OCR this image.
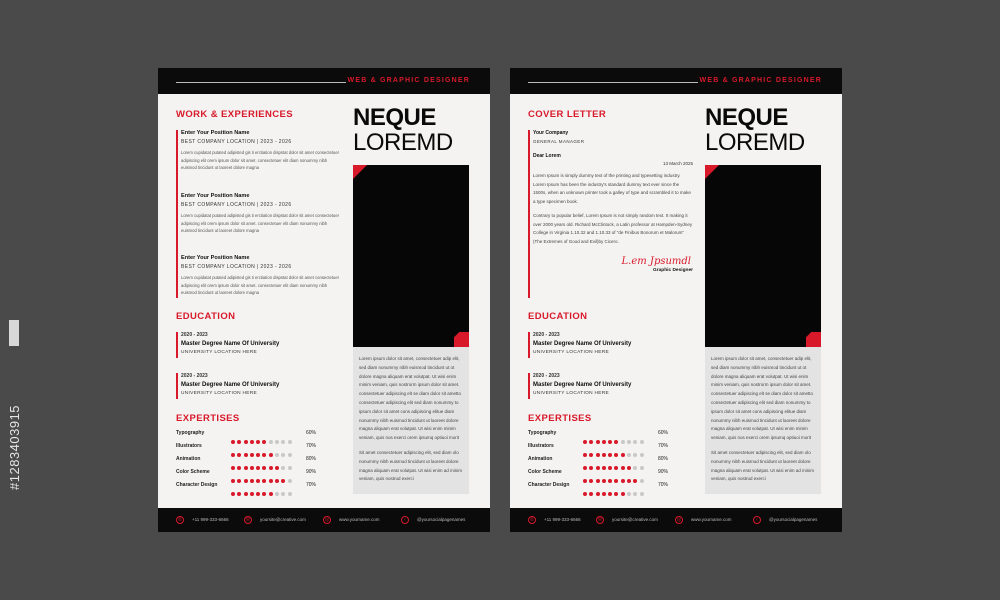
#1283403915
WEB & GRAPHIC DESIGNER
WORK & EXPERIENCES
Enter Your Position Name
BEST COMPANY LOCATION | 2023 - 2026
Lorem cupidatat putated adipisted gis ti erctiation dispstat dolor sit amet consectetuer adipiscing elit orem ipsum dolor sit amet. consectetuer elit diam nonummy nibh euismod tincidunt ut laoreet dolore magna
Enter Your Position Name
BEST COMPANY LOCATION | 2023 - 2026
Lorem cupidatat putated adipisted gis ti erctiation dispstat dolor sit amet consectetuer adipiscing elit orem ipsum dolor sit amet. consectetuer elit diam nonummy nibh euismod tincidunt ut laoreet dolore magna
Enter Your Position Name
BEST COMPANY LOCATION | 2023 - 2026
Lorem cupidatat putated adipisted gis ti erctiation dispstat dolor sit amet consectetuer adipiscing elit orem ipsum dolor sit amet. consectetuer elit diam nonummy nibh euismod tincidunt ut laoreet dolore magna
EDUCATION
2020 - 2023
Master Degree Name Of University
UNIVERSITY LOCATION HERE
2020 - 2023
Master Degree Name Of University
UNIVERSITY LOCATION HERE
EXPERTISES
Typography	60%
Illustrators	70%
Animation	80%
Color Scheme	90%
Character Design	70%
NEQUE
LOREMD

Lorem ipsum dolor sit amet, consectetuer adip elit, sed diam nonummy nibh euismod tincidunt ut ot dolore magna aliquam erat volutpat. Ut wisi enim minim veniam, quis nostrorm ipsum dolor sit amet. consectetuer adipiscing elt se diam dolor sit ametto consectetuer adipiscing elit sed diam nonummy to ipsum dolor sit amet cons adipiscing elitue diam nonummy nibh euismod tincidunt ut laoreet dolore magna aliquam erat volutpat. Ut wisi enim minim veniam, quis nos exerci orem ipsumq optiuoi morit

Sit amet consectetuer adipiscing elit, sed diam olo nonummy nibh euismod tincidunt ut laoreet dolore magna aliquam erat volutpat. Ut wisi enim ad minim veniam, quis nostrud exerci

✆	+11 999-333-6666	✉	yoursite@creative.com	◎	www.yourname.com	‹	@yoursocialpagenames
WEB & GRAPHIC DESIGNER
COVER LETTER
Your Company
GENERAL MANAGER
Dear Lorem
13 March 2025
Lorem Ipsum is simply dummy text of the printing and typesetting industry. Lorem Ipsum has been the industry's standard dummy text ever since the 1500s, when an unknown printer took a galley of type and scrambled it to make a type specimen book.
Contrary to popular belief, Lorem Ipsum is not simply random text. It making it over 2000 years old. Richard McClintock, a Latin professor at Hampden-Sydney College in Virginia 1.10.32 and 1.10.33 of "de Finibus Bonorum et Malorum" (The Extremes of Good and Evil)by Cicero.
L.em Jpsumdl
Graphic Designer
EDUCATION
2020 - 2023
Master Degree Name Of University
UNIVERSITY LOCATION HERE
2020 - 2023
Master Degree Name Of University
UNIVERSITY LOCATION HERE
EXPERTISES
Typography	60%
Illustrators	70%
Animation	80%
Color Scheme	90%
Character Design	70%
NEQUE
LOREMD

Lorem ipsum dolor sit amet, consectetuer adip elit, sed diam nonummy nibh euismod tincidunt ut ot dolore magna aliquam erat volutpat. Ut wisi enim minim veniam, quis nostrorm ipsum dolor sit amet. consectetuer adipiscing elt se diam dolor sit ametto consectetuer adipiscing elit sed diam nonummy to ipsum dolor sit amet cons adipiscing elitue diam nonummy nibh euismod tincidunt ut laoreet dolore magna aliquam erat volutpat. Ut wisi enim minim veniam, quis nos exerci orem ipsumq optiuoi morit

Sit amet consectetuer adipiscing elit, sed diam olo nonummy nibh euismod tincidunt ut laoreet dolore magna aliquam erat volutpat. Ut wisi enim ad minim veniam, quis nostrud exerci

✆	+11 999-333-6666	✉	yoursite@creative.com	◎	www.yourname.com	‹	@yoursocialpagenames
